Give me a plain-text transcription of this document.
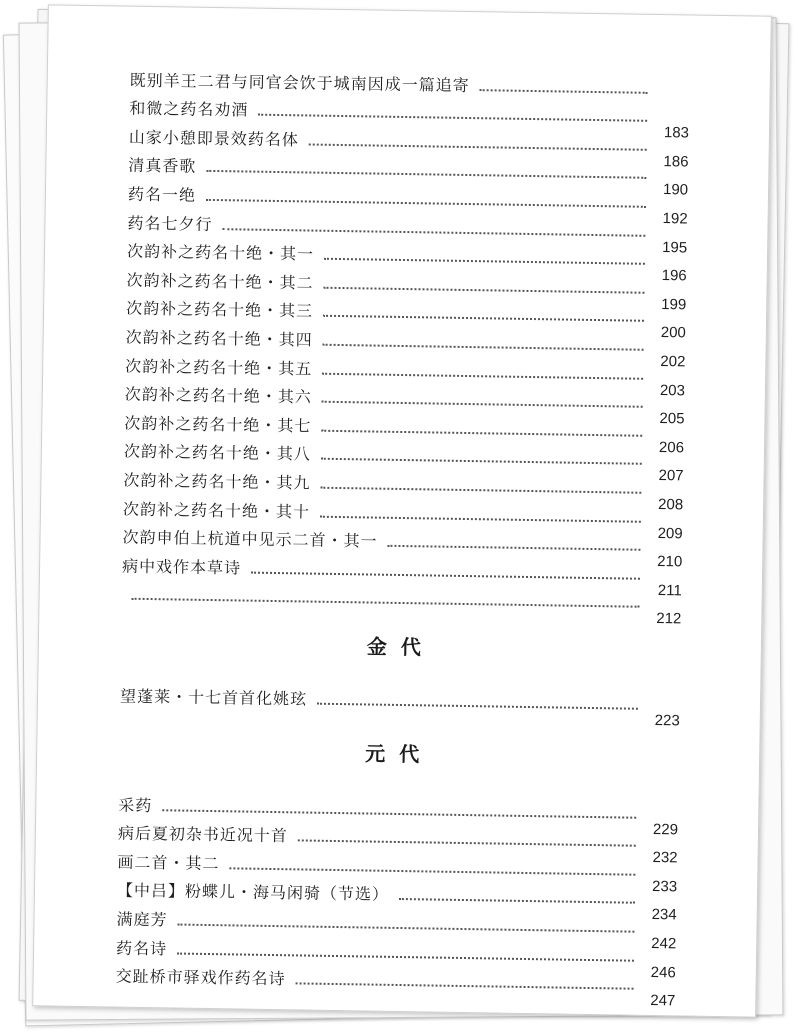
既别羊王二君与同官会饮于城南因成一篇追寄
和微之药名劝酒
183
山家小憩即景效药名体
186
清真香歌
190
药名一绝
192
药名七夕行
195
次韵补之药名十绝・其一
196
次韵补之药名十绝・其二
199
次韵补之药名十绝・其三
200
次韵补之药名十绝・其四
202
次韵补之药名十绝・其五
203
次韵补之药名十绝・其六
205
次韵补之药名十绝・其七
206
次韵补之药名十绝・其八
207
次韵补之药名十绝・其九
208
次韵补之药名十绝・其十
209
次韵申伯上杭道中见示二首・其一
210
病中戏作本草诗
211
212
金代
望蓬莱・十七首首化姚玹
223
元代
采药
229
病后夏初杂书近况十首
232
画二首・其二
233
【中吕】粉蝶儿・海马闲骑（节选）
234
满庭芳
242
药名诗
246
交趾桥市驿戏作药名诗
247
